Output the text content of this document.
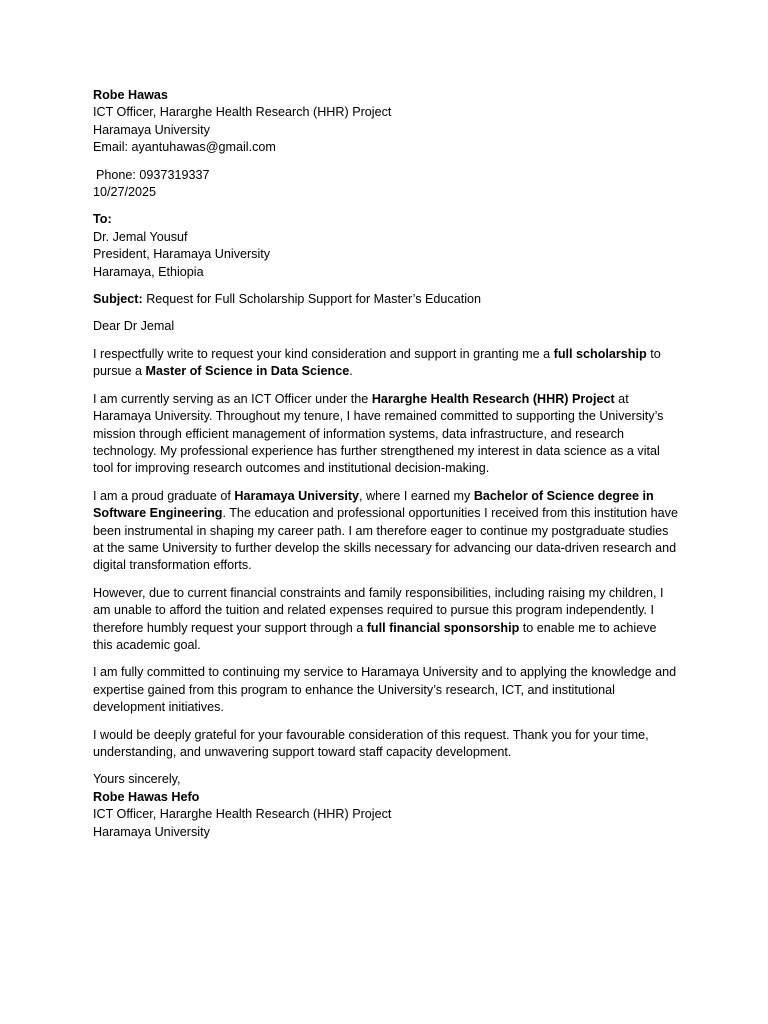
Robe Hawas
ICT Officer, Hararghe Health Research (HHR) Project
Haramaya University
Email: ayantuhawas@gmail.com
Phone: 0937319337
10/27/2025
To:
Dr. Jemal Yousuf
President, Haramaya University
Haramaya, Ethiopia

Subject: Request for Full Scholarship Support for Master’s Education

Dear Dr Jemal

I respectfully write to request your kind consideration and support in granting me a full scholarship to pursue a Master of Science in Data Science.

I am currently serving as an ICT Officer under the Hararghe Health Research (HHR) Project at Haramaya University. Throughout my tenure, I have remained committed to supporting the University’s mission through efficient management of information systems, data infrastructure, and research technology. My professional experience has further strengthened my interest in data science as a vital tool for improving research outcomes and institutional decision-making.

I am a proud graduate of Haramaya University, where I earned my Bachelor of Science degree in Software Engineering. The education and professional opportunities I received from this institution have been instrumental in shaping my career path. I am therefore eager to continue my postgraduate studies at the same University to further develop the skills necessary for advancing our data-driven research and digital transformation efforts.

However, due to current financial constraints and family responsibilities, including raising my children, I am unable to afford the tuition and related expenses required to pursue this program independently. I therefore humbly request your support through a full financial sponsorship to enable me to achieve this academic goal.

I am fully committed to continuing my service to Haramaya University and to applying the knowledge and expertise gained from this program to enhance the University’s research, ICT, and institutional development initiatives.

I would be deeply grateful for your favourable consideration of this request. Thank you for your time, understanding, and unwavering support toward staff capacity development.

Yours sincerely,
Robe Hawas Hefo
ICT Officer, Hararghe Health Research (HHR) Project
Haramaya University
